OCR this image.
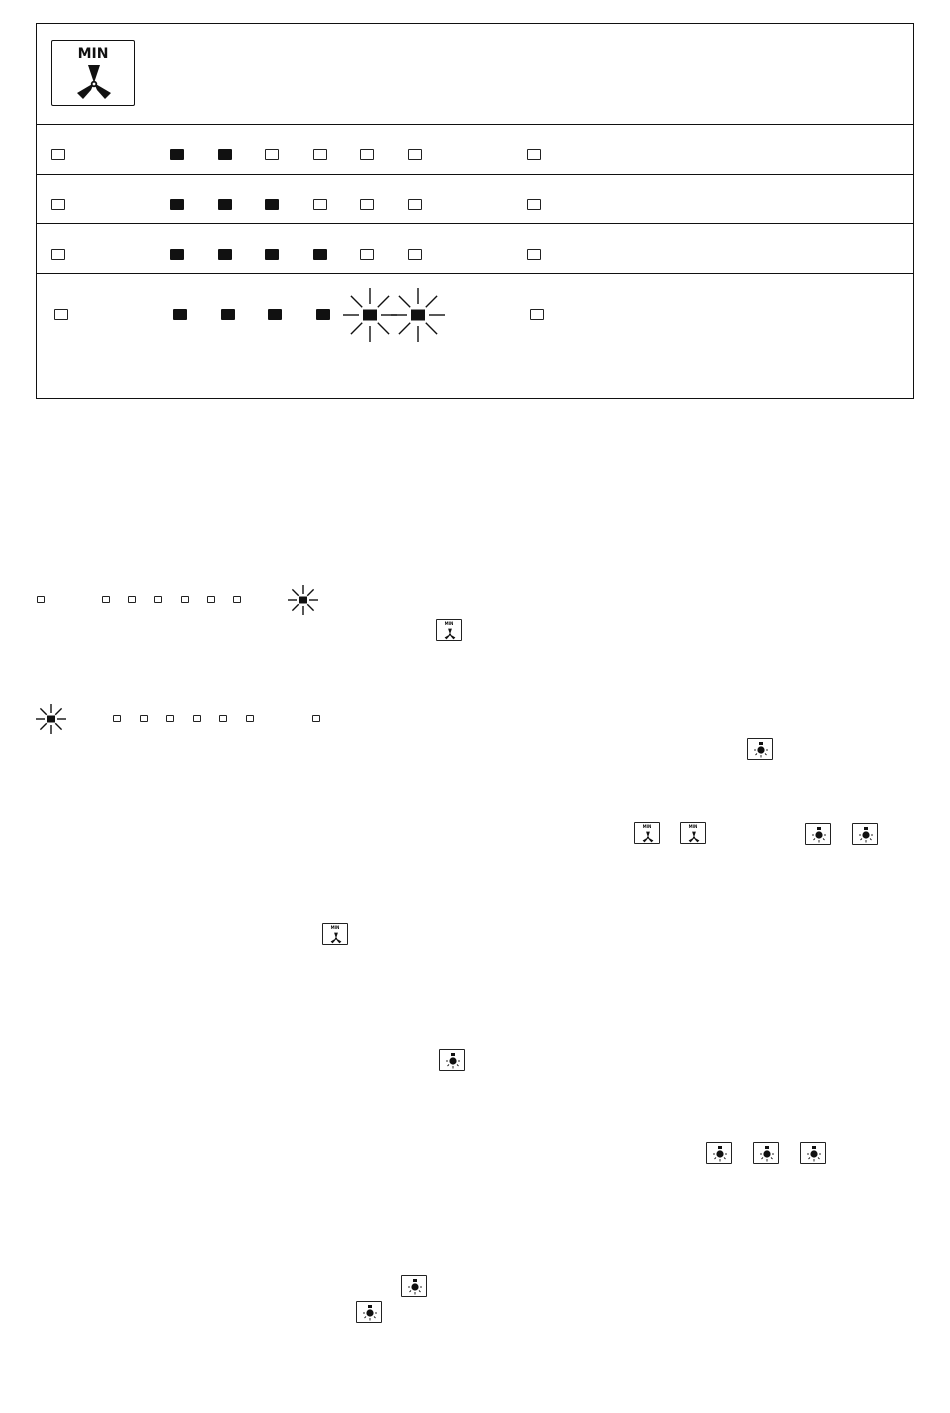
MIN
MIN
MIN	MIN
MIN
